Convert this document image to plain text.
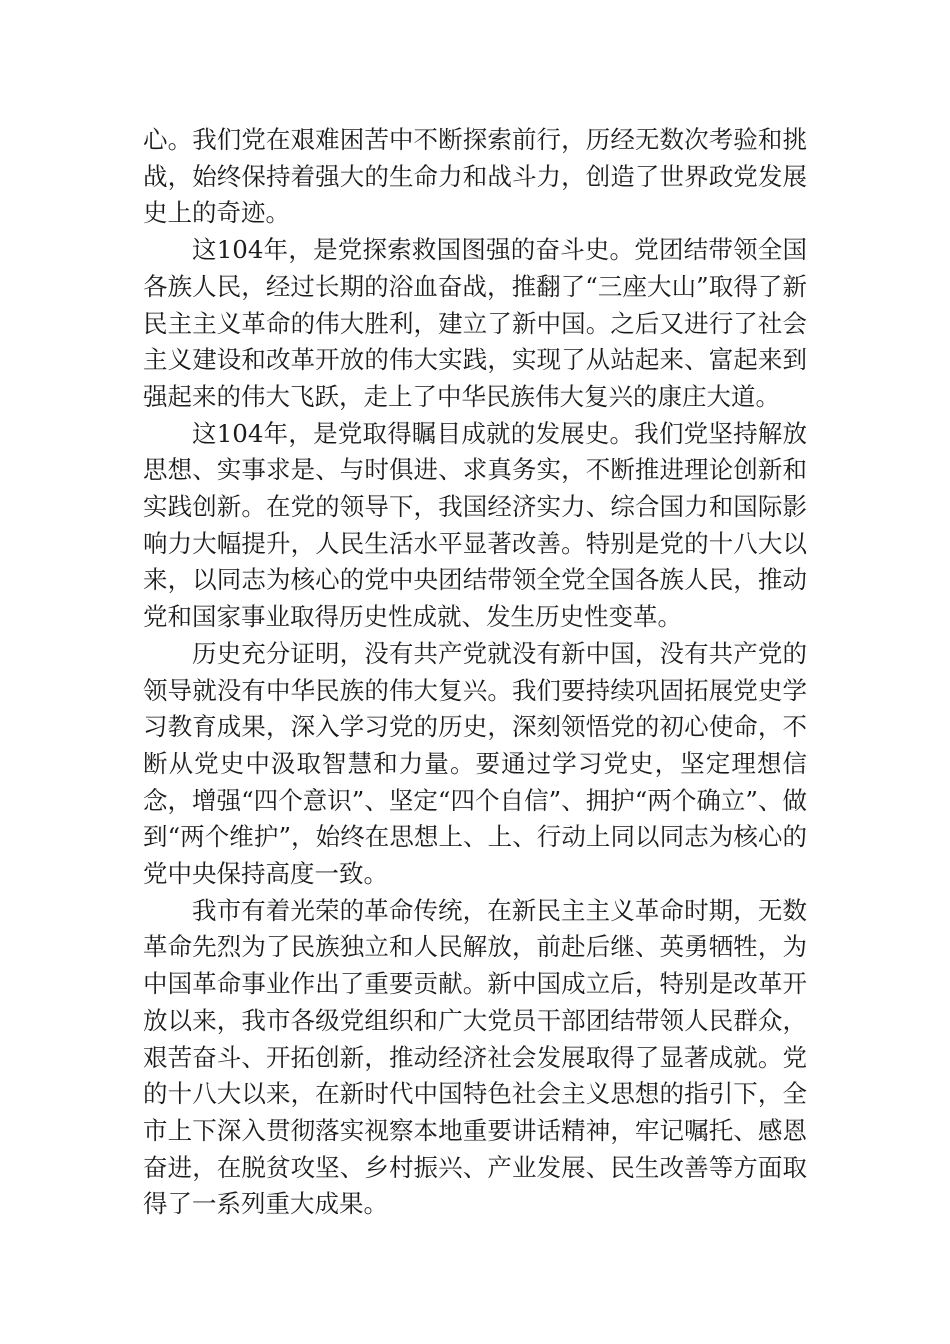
心。我们党在艰难困苦中不断探索前行，历经无数次考验和挑战，始终保持着强大的生命力和战斗力，创造了世界政党发展史上的奇迹。

这104年，是党探索救国图强的奋斗史。党团结带领全国各族人民，经过长期的浴血奋战，推翻了“三座大山”取得了新民主主义革命的伟大胜利，建立了新中国。之后又进行了社会主义建设和改革开放的伟大实践，实现了从站起来、富起来到强起来的伟大飞跃，走上了中华民族伟大复兴的康庄大道。

这104年，是党取得瞩目成就的发展史。我们党坚持解放思想、实事求是、与时俱进、求真务实，不断推进理论创新和实践创新。在党的领导下，我国经济实力、综合国力和国际影响力大幅提升，人民生活水平显著改善。特别是党的十八大以来，以同志为核心的党中央团结带领全党全国各族人民，推动党和国家事业取得历史性成就、发生历史性变革。

历史充分证明，没有共产党就没有新中国，没有共产党的领导就没有中华民族的伟大复兴。我们要持续巩固拓展党史学习教育成果，深入学习党的历史，深刻领悟党的初心使命，不断从党史中汲取智慧和力量。要通过学习党史，坚定理想信念，增强“四个意识”、坚定“四个自信”、拥护“两个确立”、做到“两个维护”，始终在思想上、上、行动上同以同志为核心的党中央保持高度一致。

我市有着光荣的革命传统，在新民主主义革命时期，无数革命先烈为了民族独立和人民解放，前赴后继、英勇牺牲，为中国革命事业作出了重要贡献。新中国成立后，特别是改革开放以来，我市各级党组织和广大党员干部团结带领人民群众，艰苦奋斗、开拓创新，推动经济社会发展取得了显著成就。党的十八大以来，在新时代中国特色社会主义思想的指引下，全市上下深入贯彻落实视察本地重要讲话精神，牢记嘱托、感恩奋进，在脱贫攻坚、乡村振兴、产业发展、民生改善等方面取得了一系列重大成果。
